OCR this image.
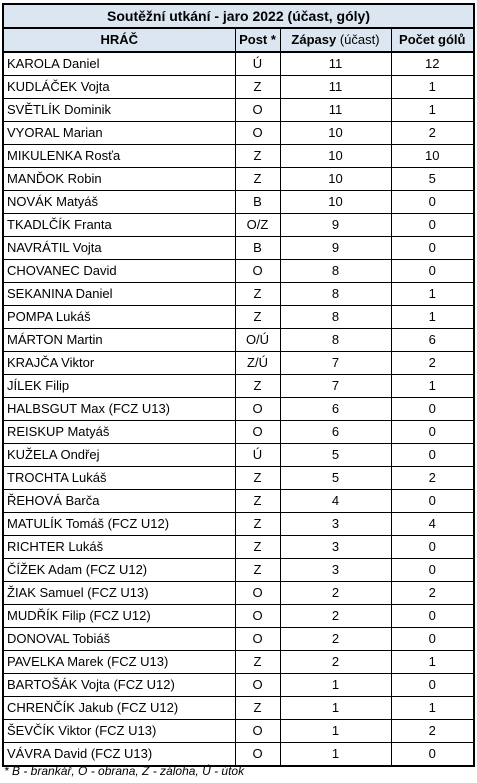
Soutěžní utkání - jaro 2022 (účast, góly)			
HRÁČ	Post *	Zápasy (účast)	Počet gólů
KAROLA Daniel	Ú	11	12
KUDLÁČEK Vojta	Z	11	1
SVĚTLÍK Dominik	O	11	1
VYORAL Marian	O	10	2
MIKULENKA Rosťa	Z	10	10
MANĎOK Robin	Z	10	5
NOVÁK Matyáš	B	10	0
TKADLČÍK Franta	O/Z	9	0
NAVRÁTIL Vojta	B	9	0
CHOVANEC David	O	8	0
SEKANINA Daniel	Z	8	1
POMPA Lukáš	Z	8	1
MÁRTON Martin	O/Ú	8	6
KRAJČA Viktor	Z/Ú	7	2
JÍLEK Filip	Z	7	1
HALBSGUT Max (FCZ U13)	O	6	0
REISKUP Matyáš	O	6	0
KUŽELA Ondřej	Ú	5	0
TROCHTA Lukáš	Z	5	2
ŘEHOVÁ Barča	Z	4	0
MATULÍK Tomáš (FCZ U12)	Z	3	4
RICHTER Lukáš	Z	3	0
ČÍŽEK Adam (FCZ U12)	Z	3	0
ŽIAK Samuel (FCZ U13)	O	2	2
MUDŘÍK Filip (FCZ U12)	O	2	0
DONOVAL Tobiáš	O	2	0
PAVELKA Marek (FCZ U13)	Z	2	1
BARTOŠÁK Vojta (FCZ U12)	O	1	0
CHRENČÍK Jakub (FCZ U12)	Z	1	1
ŠEVČÍK Viktor (FCZ U13)	O	1	2
VÁVRA David (FCZ U13)	O	1	0
* B - brankář, O - obrana, Z - záloha, Ú - útok
